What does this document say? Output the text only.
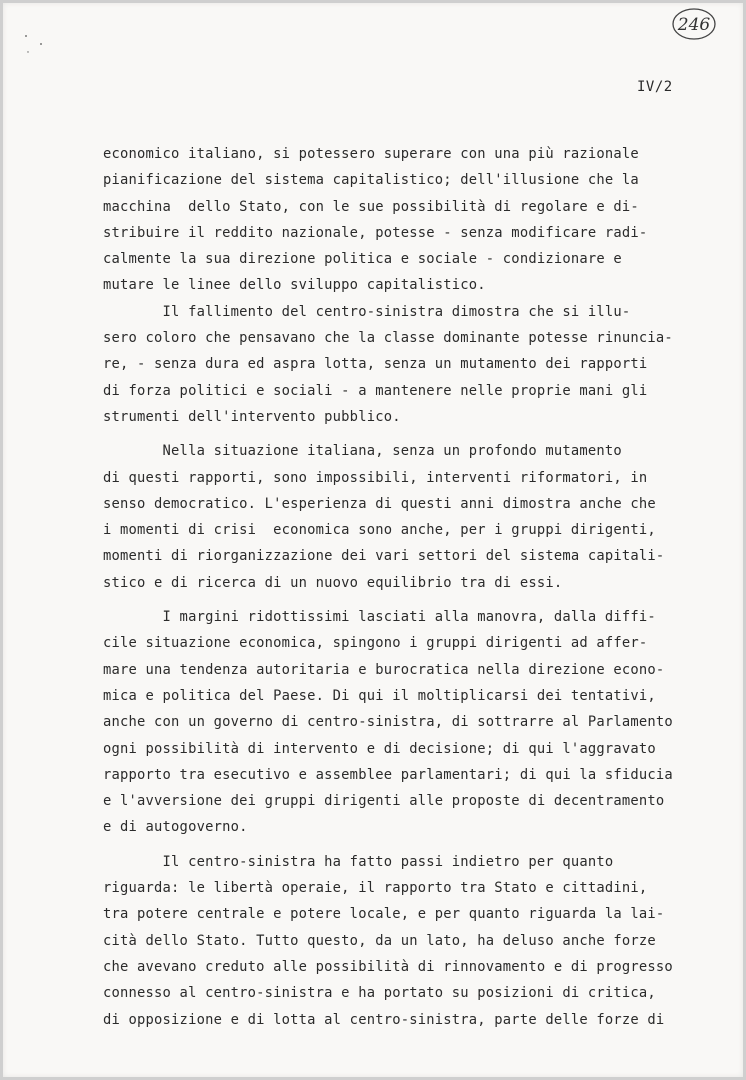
246
IV/2
economico italiano, si potessero superare con una più razionale
pianificazione del sistema capitalistico; dell'illusione che la
macchina  dello Stato, con le sue possibilità di regolare e di-
stribuire il reddito nazionale, potesse - senza modificare radi-
calmente la sua direzione politica e sociale - condizionare e
mutare le linee dello sviluppo capitalistico.
Il fallimento del centro-sinistra dimostra che si illu-
sero coloro che pensavano che la classe dominante potesse rinuncia-
re, - senza dura ed aspra lotta, senza un mutamento dei rapporti
di forza politici e sociali - a mantenere nelle proprie mani gli
strumenti dell'intervento pubblico.
Nella situazione italiana, senza un profondo mutamento
di questi rapporti, sono impossibili, interventi riformatori, in
senso democratico. L'esperienza di questi anni dimostra anche che
i momenti di crisi  economica sono anche, per i gruppi dirigenti,
momenti di riorganizzazione dei vari settori del sistema capitali-
stico e di ricerca di un nuovo equilibrio tra di essi.
I margini ridottissimi lasciati alla manovra, dalla diffi-
cile situazione economica, spingono i gruppi dirigenti ad affer-
mare una tendenza autoritaria e burocratica nella direzione econo-
mica e politica del Paese. Di qui il moltiplicarsi dei tentativi,
anche con un governo di centro-sinistra, di sottrarre al Parlamento
ogni possibilità di intervento e di decisione; di qui l'aggravato
rapporto tra esecutivo e assemblee parlamentari; di qui la sfiducia
e l'avversione dei gruppi dirigenti alle proposte di decentramento
e di autogoverno.
Il centro-sinistra ha fatto passi indietro per quanto
riguarda: le libertà operaie, il rapporto tra Stato e cittadini,
tra potere centrale e potere locale, e per quanto riguarda la lai-
cità dello Stato. Tutto questo, da un lato, ha deluso anche forze
che avevano creduto alle possibilità di rinnovamento e di progresso
connesso al centro-sinistra e ha portato su posizioni di critica,
di opposizione e di lotta al centro-sinistra, parte delle forze di
